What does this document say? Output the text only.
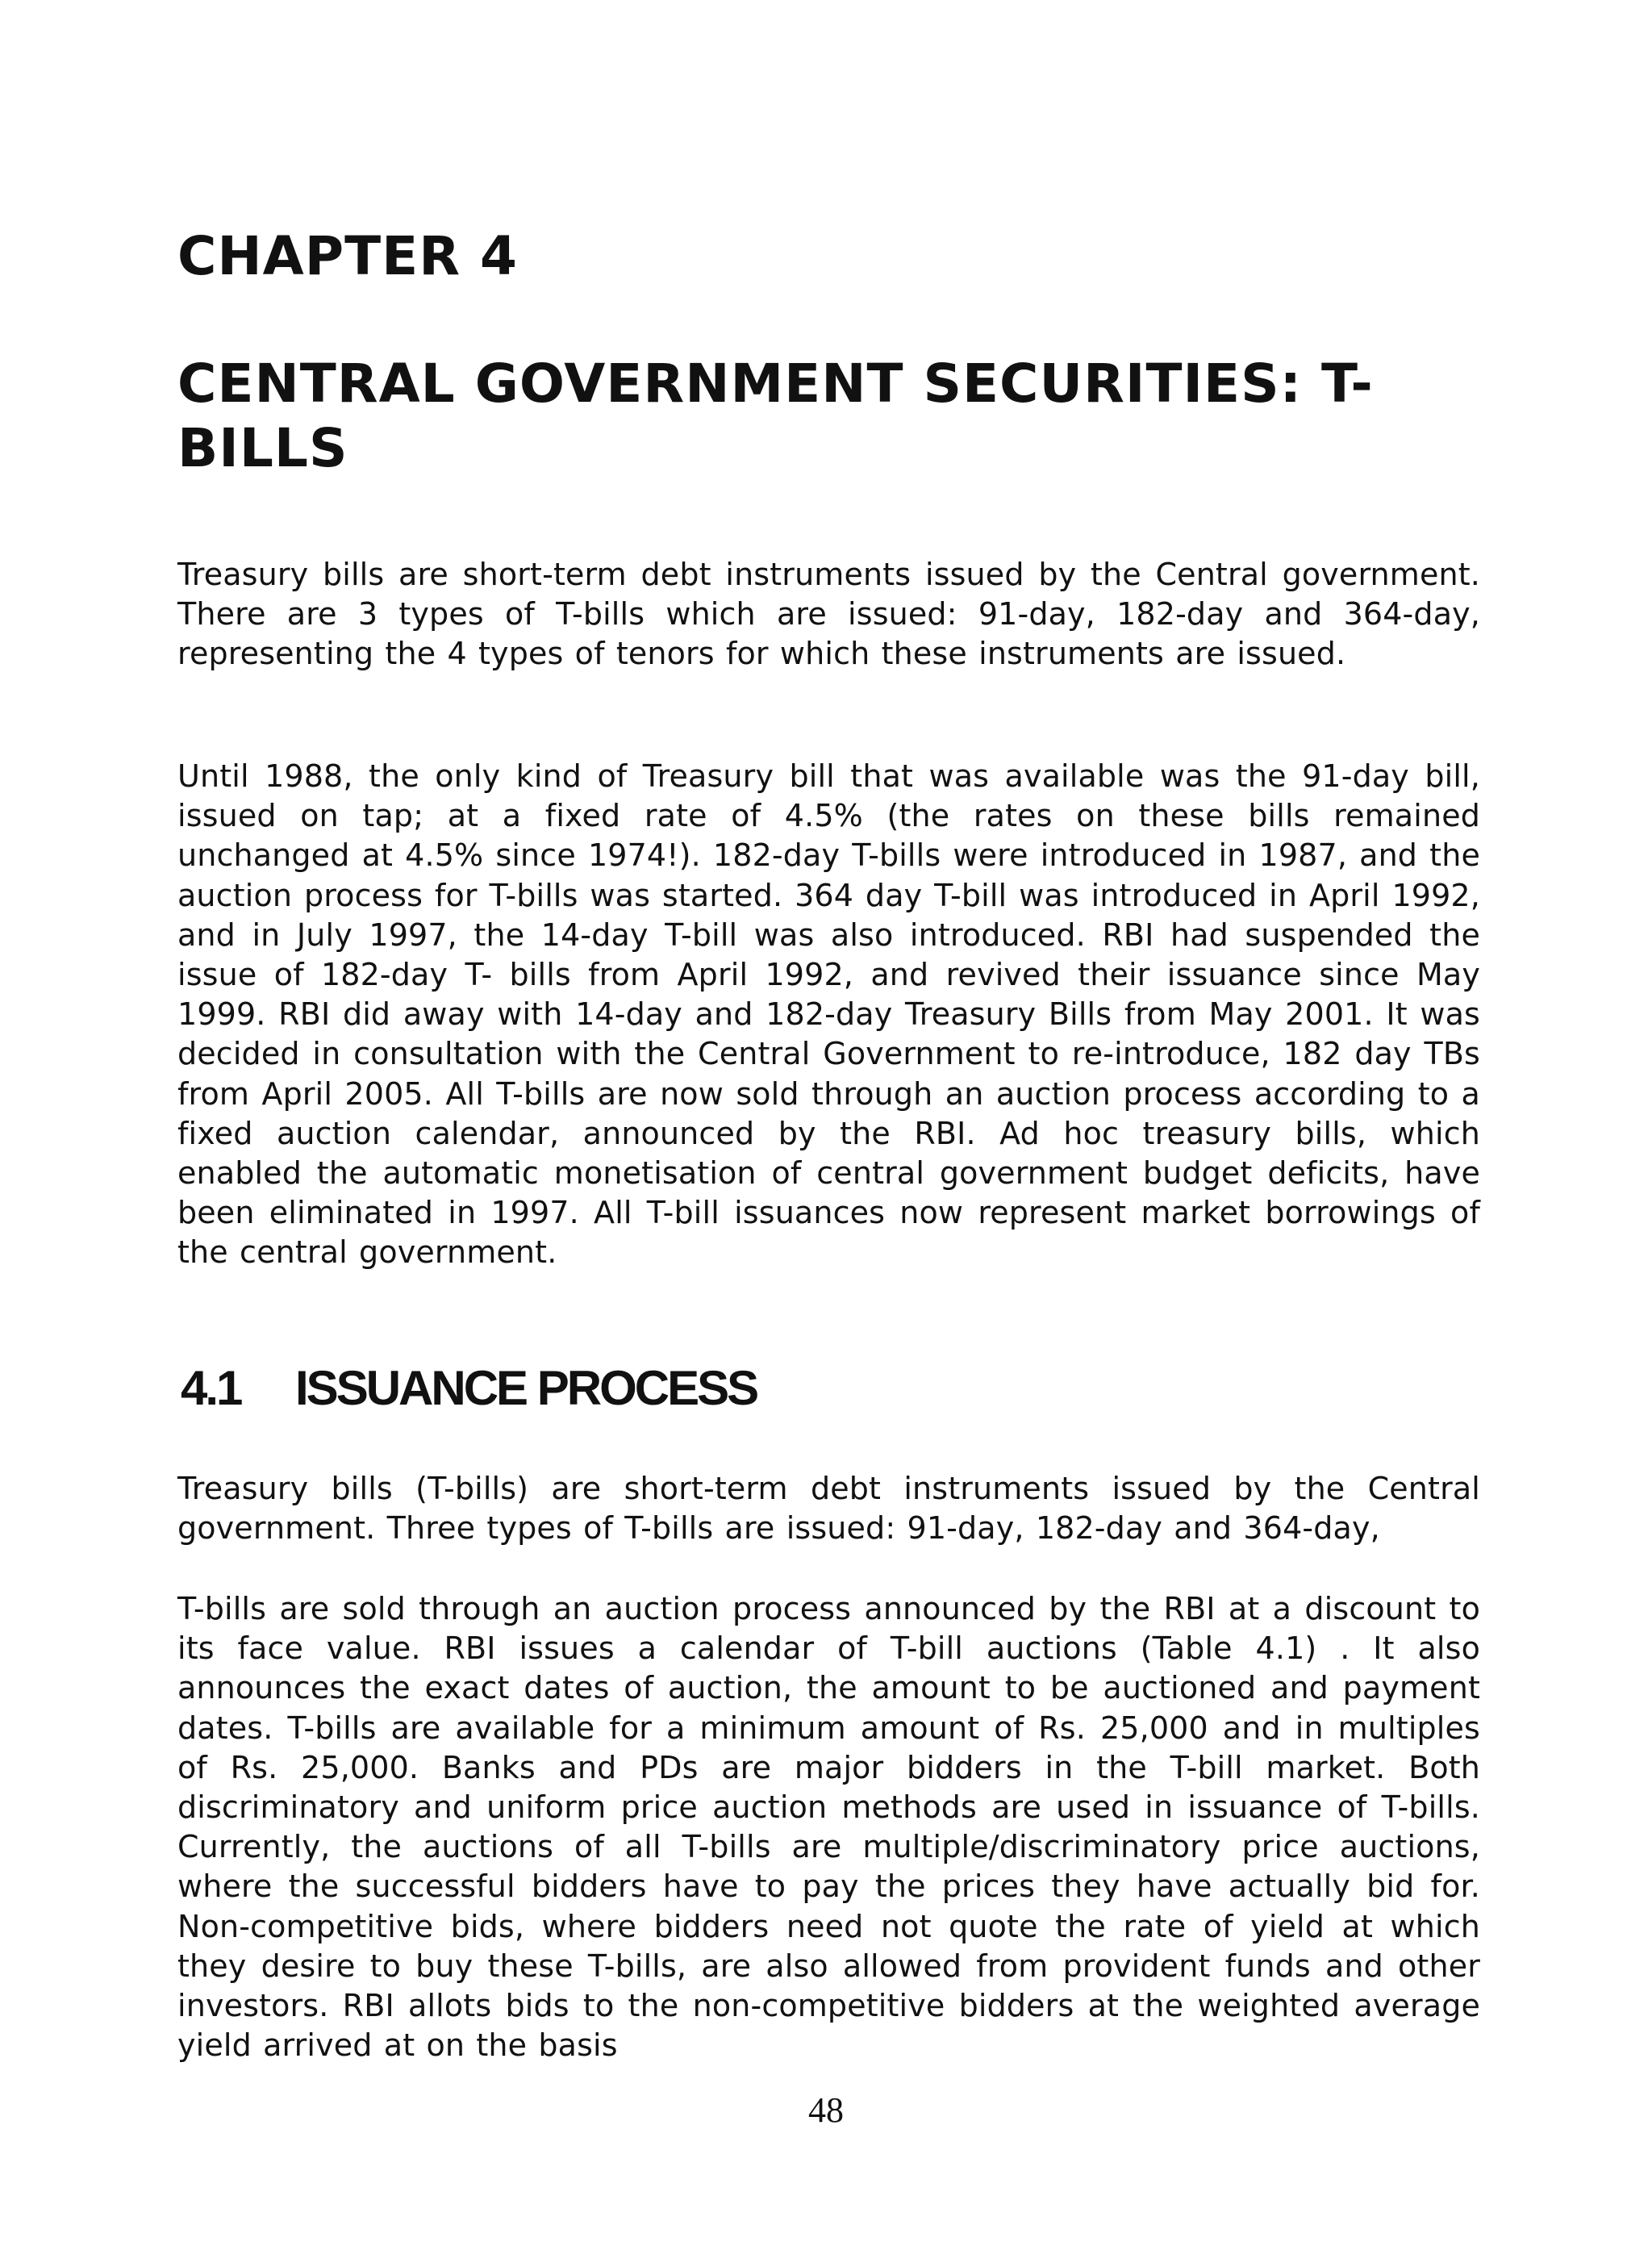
CHAPTER 4
CENTRAL GOVERNMENT SECURITIES: T-BILLS

Treasury bills are short-term debt instruments issued by the Central government. There are 3 types of T-bills which are issued: 91-day, 182-day and 364-day, representing the 4 types of tenors for which these instruments are issued.

Until 1988, the only kind of Treasury bill that was available was the 91-day bill, issued on tap; at a fixed rate of 4.5% (the rates on these bills remained unchanged at 4.5% since 1974!). 182-day T-bills were introduced in 1987, and the auction process for T-bills was started. 364 day T-bill was introduced in April 1992, and in July 1997, the 14-day T-bill was also introduced. RBI had suspended the issue of 182-day T- bills from April 1992, and revived their issuance since May 1999. RBI did away with 14-day and 182-day Treasury Bills from May 2001. It was decided in consultation with the Central Government to re-introduce, 182 day TBs from April 2005. All T-bills are now sold through an auction process according to a fixed auction calendar, announced by the RBI. Ad hoc treasury bills, which enabled the automatic monetisation of central government budget deficits, have been eliminated in 1997. All T-bill issuances now represent market borrowings of the central government.

4.1 ISSUANCE PROCESS

Treasury bills (T-bills) are short-term debt instruments issued by the Central government. Three types of T-bills are issued: 91-day, 182-day and 364-day,

T-bills are sold through an auction process announced by the RBI at a discount to its face value. RBI issues a calendar of T-bill auctions (Table 4.1) . It also announces the exact dates of auction, the amount to be auctioned and payment dates. T-bills are available for a minimum amount of Rs. 25,000 and in multiples of Rs. 25,000. Banks and PDs are major bidders in the T-bill market. Both discriminatory and uniform price auction methods are used in issuance of T-bills. Currently, the auctions of all T-bills are multiple/discriminatory price auctions, where the successful bidders have to pay the prices they have actually bid for. Non-competitive bids, where bidders need not quote the rate of yield at which they desire to buy these T-bills, are also allowed from provident funds and other investors. RBI allots bids to the non-competitive bidders at the weighted average yield arrived at on the basis

48
